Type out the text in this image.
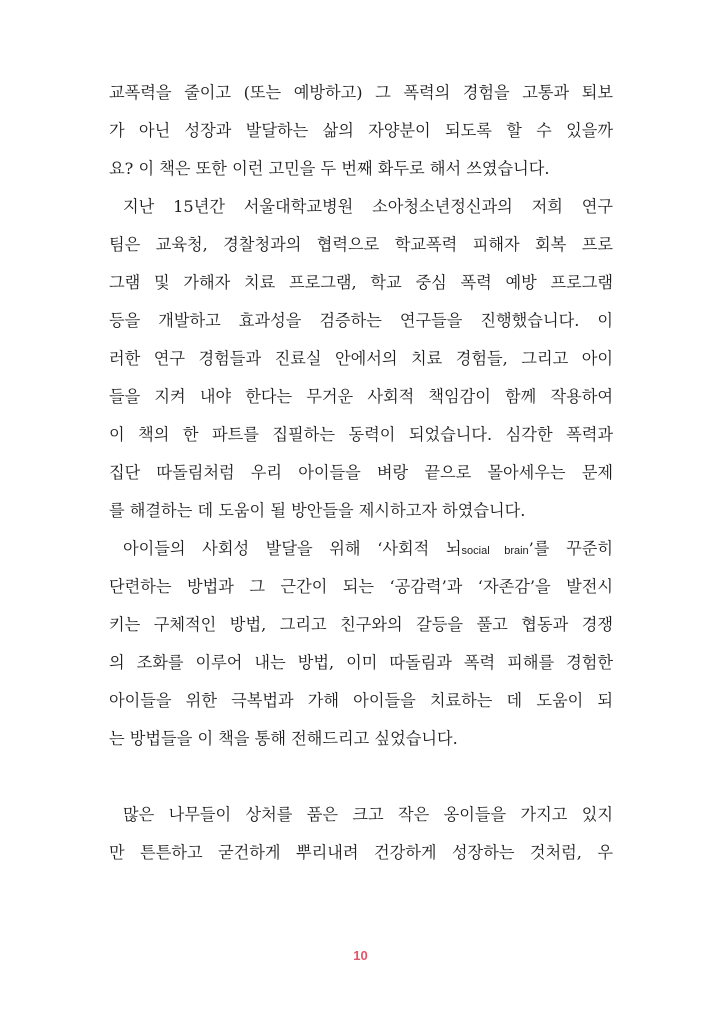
교폭력을 줄이고 (또는 예방하고) 그 폭력의 경험을 고통과 퇴보
가 아닌 성장과 발달하는 삶의 자양분이 되도록 할 수 있을까
요? 이 책은 또한 이런 고민을 두 번째 화두로 해서 쓰였습니다.
지난 15년간 서울대학교병원 소아청소년정신과의 저희 연구
팀은 교육청, 경찰청과의 협력으로 학교폭력 피해자 회복 프로
그램 및 가해자 치료 프로그램, 학교 중심 폭력 예방 프로그램
등을 개발하고 효과성을 검증하는 연구들을 진행했습니다. 이
러한 연구 경험들과 진료실 안에서의 치료 경험들, 그리고 아이
들을 지켜 내야 한다는 무거운 사회적 책임감이 함께 작용하여
이 책의 한 파트를 집필하는 동력이 되었습니다. 심각한 폭력과
집단 따돌림처럼 우리 아이들을 벼랑 끝으로 몰아세우는 문제
를 해결하는 데 도움이 될 방안들을 제시하고자 하였습니다.
아이들의 사회성 발달을 위해 ‘사회적 뇌social brain’를 꾸준히
단련하는 방법과 그 근간이 되는 ‘공감력’과 ‘자존감’을 발전시
키는 구체적인 방법, 그리고 친구와의 갈등을 풀고 협동과 경쟁
의 조화를 이루어 내는 방법, 이미 따돌림과 폭력 피해를 경험한
아이들을 위한 극복법과 가해 아이들을 치료하는 데 도움이 되
는 방법들을 이 책을 통해 전해드리고 싶었습니다.
많은 나무들이 상처를 품은 크고 작은 옹이들을 가지고 있지
만 튼튼하고 굳건하게 뿌리내려 건강하게 성장하는 것처럼, 우
10
